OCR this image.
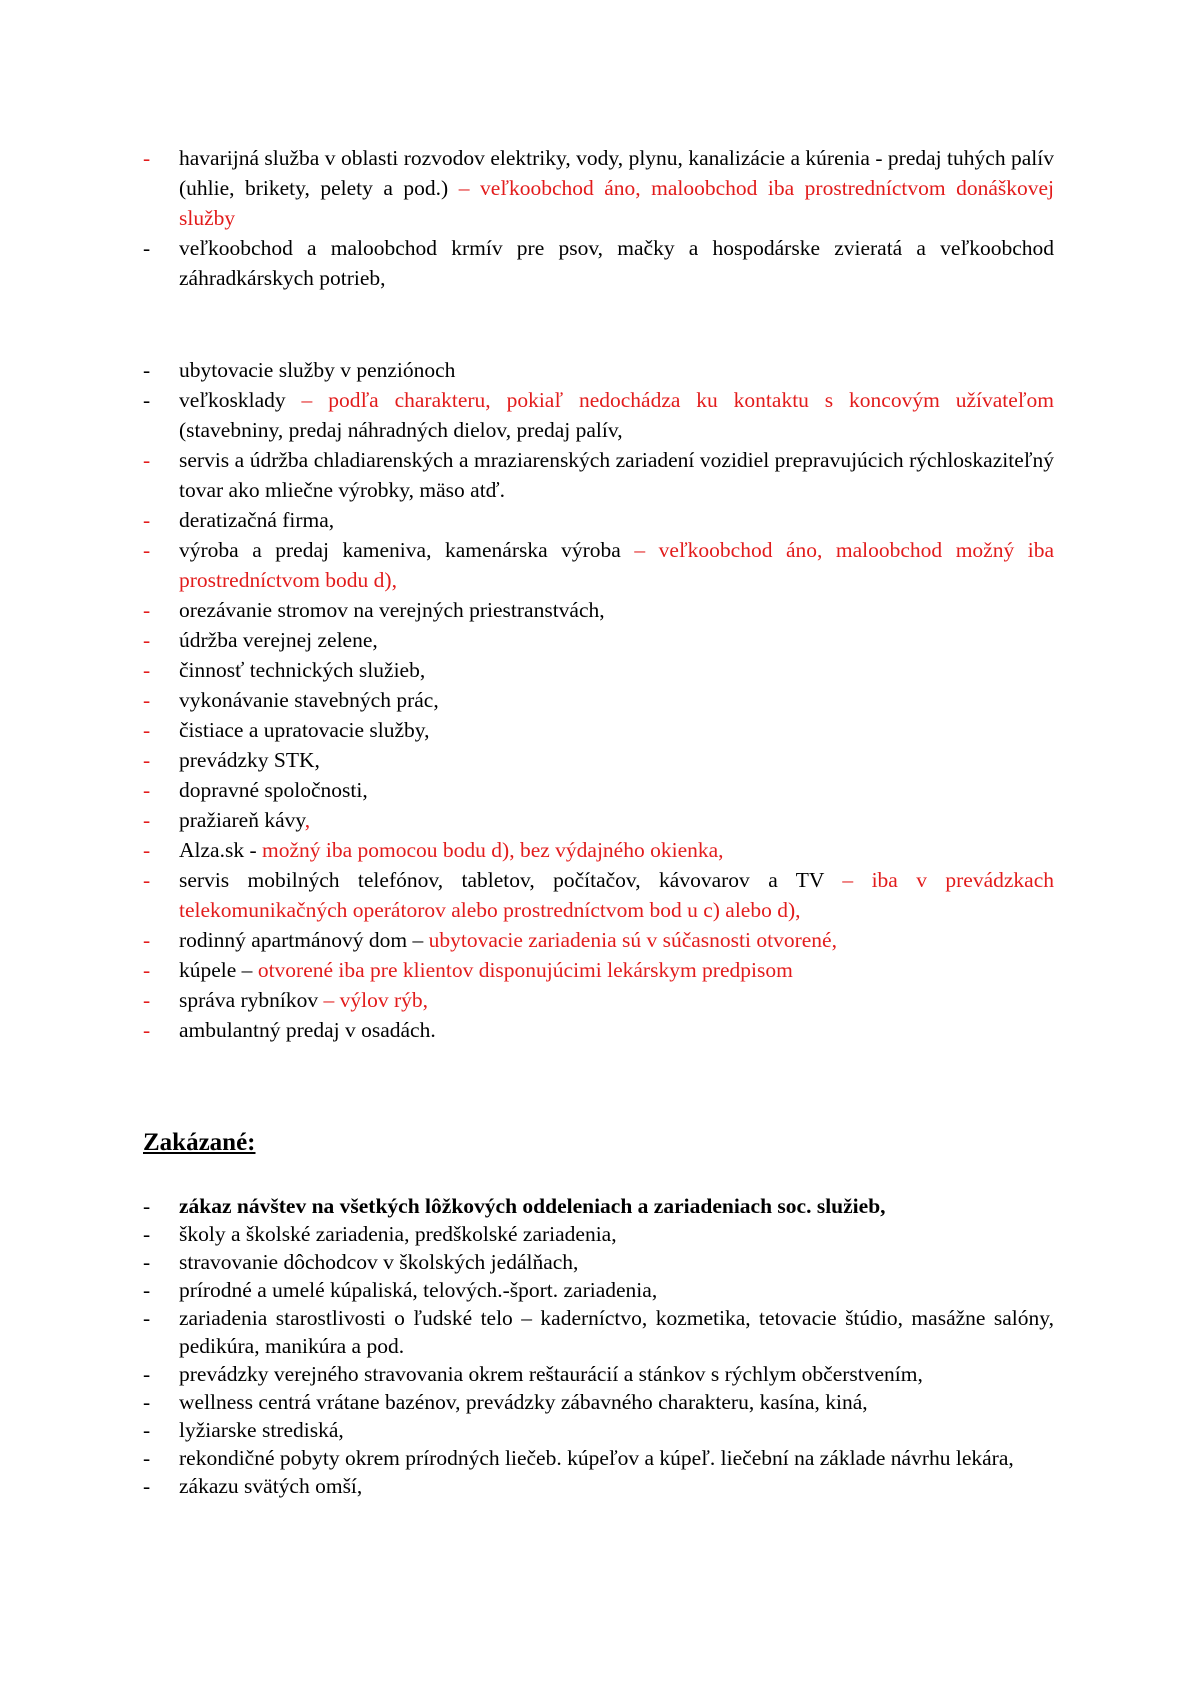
- havarijná služba v oblasti rozvodov elektriky, vody, plynu, kanalizácie a kúrenia - predaj tuhých palív (uhlie, brikety, pelety a pod.) – veľkoobchod áno, maloobchod iba prostredníctvom donáškovej služby
- veľkoobchod a maloobchod krmív pre psov, mačky a hospodárske zvieratá a veľkoobchod záhradkárskych potrieb,
- ubytovacie služby v penziónoch
- veľkosklady – podľa charakteru, pokiaľ nedochádza ku kontaktu s koncovým užívateľom (stavebniny, predaj náhradných dielov, predaj palív,
- servis a údržba chladiarenských a mraziarenských zariadení vozidiel prepravujúcich rýchloskaziteľný tovar ako mliečne výrobky, mäso atď.
- deratizačná firma,
- výroba a predaj kameniva, kamenárska výroba – veľkoobchod áno, maloobchod možný iba prostredníctvom bodu d),
- orezávanie stromov na verejných priestranstvách,
- údržba verejnej zelene,
- činnosť technických služieb,
- vykonávanie stavebných prác,
- čistiace a upratovacie služby,
- prevádzky STK,
- dopravné spoločnosti,
- pražiareň kávy,
- Alza.sk - možný iba pomocou bodu d), bez výdajného okienka,
- servis mobilných telefónov, tabletov, počítačov, kávovarov a TV – iba v prevádzkach telekomunikačných operátorov alebo prostredníctvom bod u c) alebo d),
- rodinný apartmánový dom – ubytovacie zariadenia sú v súčasnosti otvorené,
- kúpele – otvorené iba pre klientov disponujúcimi lekárskym predpisom
- správa rybníkov – výlov rýb,
- ambulantný predaj v osadách.
Zakázané:
- zákaz návštev na všetkých lôžkových oddeleniach a zariadeniach soc. služieb,
- školy a školské zariadenia, predškolské zariadenia,
- stravovanie dôchodcov v školských jedálňach,
- prírodné a umelé kúpaliská, telových.-šport. zariadenia,
- zariadenia starostlivosti o ľudské telo – kaderníctvo, kozmetika, tetovacie štúdio, masážne salóny, pedikúra, manikúra a pod.
- prevádzky verejného stravovania okrem reštaurácií a stánkov s rýchlym občerstvením,
- wellness centrá vrátane bazénov, prevádzky zábavného charakteru, kasína, kiná,
- lyžiarske strediská,
- rekondičné pobyty okrem prírodných liečeb. kúpeľov a kúpeľ. liečební na základe návrhu lekára,
- zákazu svätých omší,
